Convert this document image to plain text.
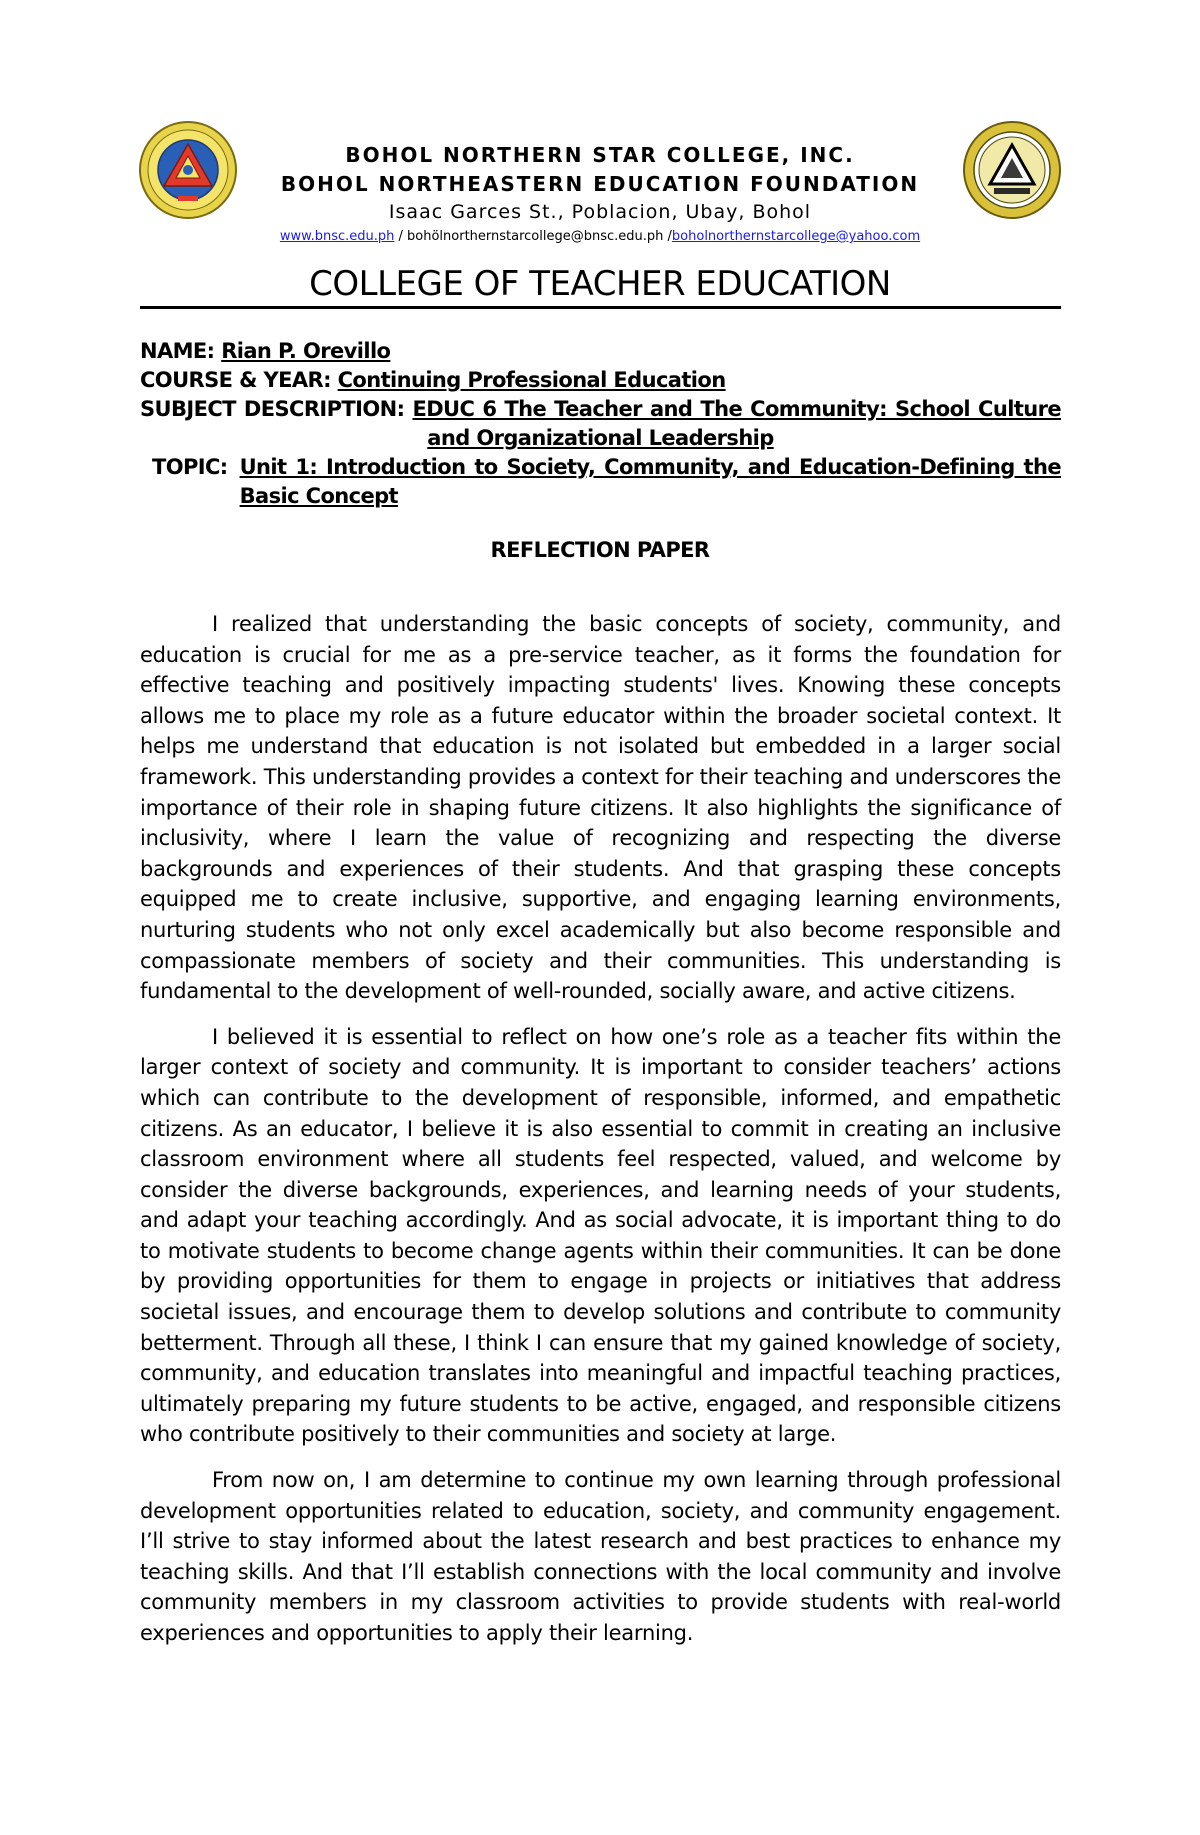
BOHOL NORTHERN STAR COLLEGE, INC.

BOHOL NORTHEASTERN EDUCATION FOUNDATION

Isaac Garces St., Poblacion, Ubay, Bohol

www.bnsc.edu.ph / bohölnorthernstarcollege@bnsc.edu.ph /boholnorthernstarcollege@yahoo.com

COLLEGE OF TEACHER EDUCATION

NAME: Rian P. Orevillo
COURSE & YEAR: Continuing Professional Education
SUBJECT DESCRIPTION: EDUC 6 The Teacher and The Community: School Culture and Organizational Leadership
TOPIC: Unit 1: Introduction to Society, Community, and Education-Defining the Basic Concept

REFLECTION PAPER

I realized that understanding the basic concepts of society, community, and education is crucial for me as a pre-service teacher, as it forms the foundation for effective teaching and positively impacting students' lives. Knowing these concepts allows me to place my role as a future educator within the broader societal context. It helps me understand that education is not isolated but embedded in a larger social framework. This understanding provides a context for their teaching and underscores the importance of their role in shaping future citizens. It also highlights the significance of inclusivity, where I learn the value of recognizing and respecting the diverse backgrounds and experiences of their students. And that grasping these concepts equipped me to create inclusive, supportive, and engaging learning environments, nurturing students who not only excel academically but also become responsible and compassionate members of society and their communities. This understanding is fundamental to the development of well-rounded, socially aware, and active citizens.

I believed it is essential to reflect on how one’s role as a teacher fits within the larger context of society and community. It is important to consider teachers’ actions which can contribute to the development of responsible, informed, and empathetic citizens. As an educator, I believe it is also essential to commit in creating an inclusive classroom environment where all students feel respected, valued, and welcome by consider the diverse backgrounds, experiences, and learning needs of your students, and adapt your teaching accordingly. And as social advocate, it is important thing to do to motivate students to become change agents within their communities. It can be done by providing opportunities for them to engage in projects or initiatives that address societal issues, and encourage them to develop solutions and contribute to community betterment. Through all these, I think I can ensure that my gained knowledge of society, community, and education translates into meaningful and impactful teaching practices, ultimately preparing my future students to be active, engaged, and responsible citizens who contribute positively to their communities and society at large.

From now on, I am determine to continue my own learning through professional development opportunities related to education, society, and community engagement. I’ll strive to stay informed about the latest research and best practices to enhance my teaching skills. And that I’ll establish connections with the local community and involve community members in my classroom activities to provide students with real-world experiences and opportunities to apply their learning.
